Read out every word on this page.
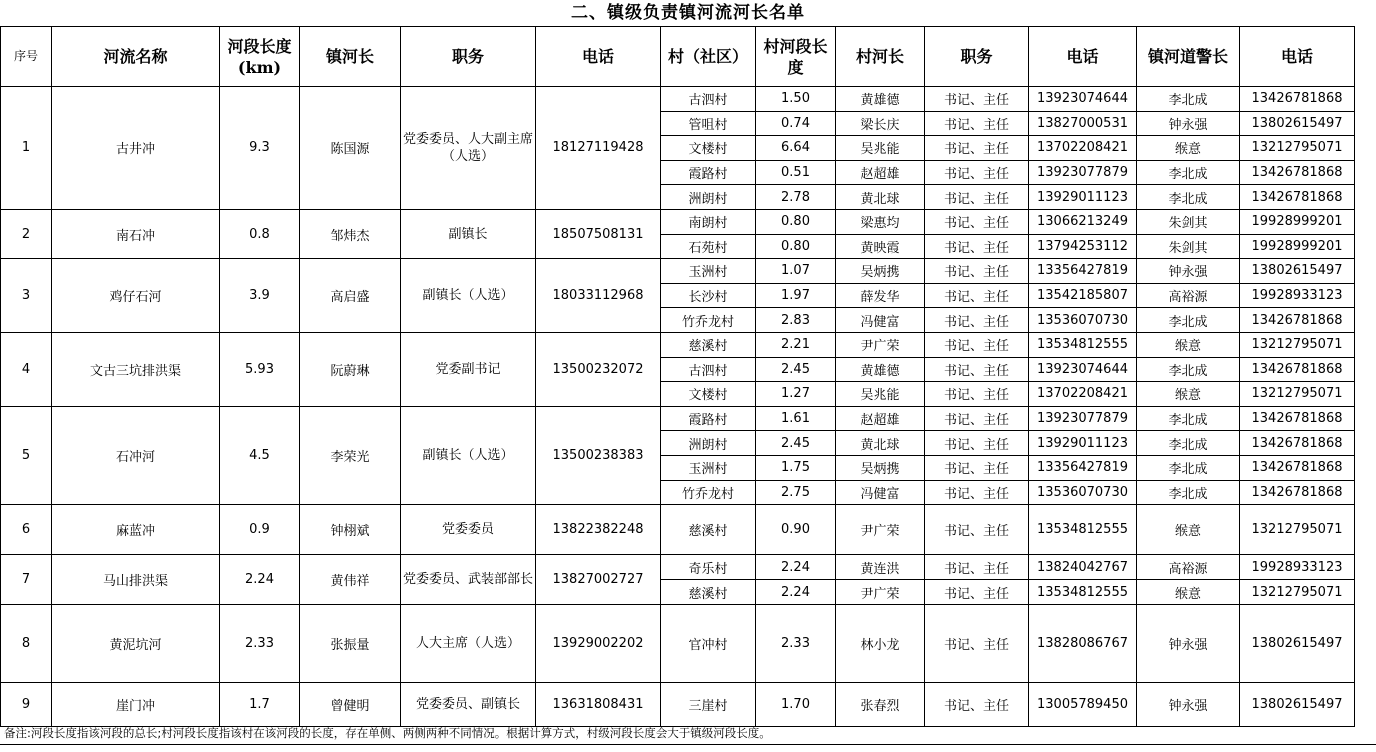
二、镇级负责镇河流河长名单
序号	河流名称	河段长度(km)	镇河长	职务	电话	村（社区）	村河段长度	村河长	职务	电话	镇河道警长	电话
1	古井冲	9.3	陈国源	党委委员、人大副主席（人选）	18127119428	古泗村	1.50	黄雄德	书记、主任	13923074644	李北成	13426781868
						管咀村	0.74	梁长庆	书记、主任	13827000531	钟永强	13802615497
						文楼村	6.64	吴兆能	书记、主任	13702208421	缑意	13212795071
						霞路村	0.51	赵超雄	书记、主任	13923077879	李北成	13426781868
						洲朗村	2.78	黄北球	书记、主任	13929011123	李北成	13426781868
2	南石冲	0.8	邹炜杰	副镇长	18507508131	南朗村	0.80	梁惠均	书记、主任	13066213249	朱剑其	19928999201
						石苑村	0.80	黄映霞	书记、主任	13794253112	朱剑其	19928999201
3	鸡仔石河	3.9	高启盛	副镇长（人选）	18033112968	玉洲村	1.07	吴炳携	书记、主任	13356427819	钟永强	13802615497
						长沙村	1.97	薛发华	书记、主任	13542185807	高裕源	19928933123
						竹乔龙村	2.83	冯健富	书记、主任	13536070730	李北成	13426781868
4	文古三坑排洪渠	5.93	阮蔚琳	党委副书记	13500232072	慈溪村	2.21	尹广荣	书记、主任	13534812555	缑意	13212795071
						古泗村	2.45	黄雄德	书记、主任	13923074644	李北成	13426781868
						文楼村	1.27	吴兆能	书记、主任	13702208421	缑意	13212795071
5	石冲河	4.5	李荣光	副镇长（人选）	13500238383	霞路村	1.61	赵超雄	书记、主任	13923077879	李北成	13426781868
						洲朗村	2.45	黄北球	书记、主任	13929011123	李北成	13426781868
						玉洲村	1.75	吴炳携	书记、主任	13356427819	李北成	13426781868
						竹乔龙村	2.75	冯健富	书记、主任	13536070730	李北成	13426781868
6	麻蓝冲	0.9	钟栩斌	党委委员	13822382248	慈溪村	0.90	尹广荣	书记、主任	13534812555	缑意	13212795071
7	马山排洪渠	2.24	黄伟祥	党委委员、武装部部长	13827002727	奇乐村	2.24	黄连洪	书记、主任	13824042767	高裕源	19928933123
						慈溪村	2.24	尹广荣	书记、主任	13534812555	缑意	13212795071
8	黄泥坑河	2.33	张振量	人大主席（人选）	13929002202	官冲村	2.33	林小龙	书记、主任	13828086767	钟永强	13802615497
9	崖门冲	1.7	曾健明	党委委员、副镇长	13631808431	三崖村	1.70	张春烈	书记、主任	13005789450	钟永强	13802615497
备注:河段长度指该河段的总长;村河段长度指该村在该河段的长度，存在单侧、两侧两种不同情况。根据计算方式，村级河段长度会大于镇级河段长度。
